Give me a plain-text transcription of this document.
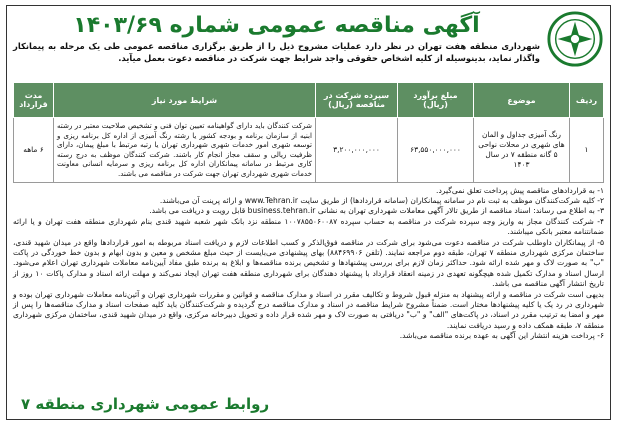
آگهی مناقصه عمومی شماره ۱۴۰۳/۶۹
شهرداری منطقه هفت تهران در نظر دارد عملیات مشروح ذیل را از طریق برگزاری مناقصه عمومی طی یک مرحله به پیمانکار واگذار نماید، بدینوسیله از کلیه اشخاص حقوقی واجد شرایط جهت شرکت در مناقصه دعوت بعمل میآید.
ردیف	موضوع	مبلغ برآورد (ریال)	سپرده شرکت در مناقصه (ریال)	شرایط مورد نیاز	مدت قرارداد
۱	رنگ آمیزی جداول و المان های شهری در محلات نواحی ۵ گانه منطقه ۷ در سال ۱۴۰۳	۶۳,۵۵۰,۰۰۰,۰۰۰	۳,۲۰۰,۰۰۰,۰۰۰	شرکت کنندگان باید دارای گواهینامه تعیین توان فنی و تشخیص صلاحیت معتبر در رشته ابنیه از سازمان برنامه و بودجه کشور یا رشته رنگ آمیزی از اداره کل برنامه ریزی و توسعه شهری امور خدمات شهری شهرداری تهران یا رتبه مرتبط با مبلغ پیمان، دارای ظرفیت ریالی و سقف مجاز انجام کار باشند. شرکت کنندگان موظف به درج رسته کاری مرتبط در سامانه پیمانکاران اداره کل برنامه ریزی و سرمایه انسانی معاونت خدمات شهری شهرداری تهران جهت شرکت در مناقصه می باشند.	۶ ماهه

۱- به قراردادهای مناقصه پیش پرداخت تعلق نمی‌گیرد.

۲- کلیه شرکت‌کنندگان موظف به ثبت نام در سامانه پیمانکاران (سامانه قراردادها) از طریق سایت www.Tehran.ir و ارائه پرینت آن می‌باشند.

۳- به اطلاع می رساند: اسناد مناقصه از طریق تالار آگهی معاملات شهرداری تهران به نشانی business.tehran.ir قابل رویت و دریافت می باشد.

۴- شرکت کنندگان مجاز به واریز وجه سپرده شرکت در مناقصه به حساب سپرده ۱۰۰۷۸۵۵۰۶۰۰۸۷ منطقه نزد بانک شهر شعبه شهید قندی بنام شهرداری منطقه هفت تهران و یا ارائه ضمانتنامه معتبر بانکی میباشند.

۵- از پیمانکاران داوطلب شرکت در مناقصه دعوت می‌شود برای شرکت در مناقصه فوق‌الذکر و کسب اطلاعات لازم و دریافت اسناد مربوطه به امور قراردادها واقع در میدان شهید قندی، ساختمان مرکزی شهرداری منطقه ۷ تهران، طبقه دوم مراجعه نمایند. (تلفن ۸۸۴۶۹۹۰۶) بهای پیشنهادی می‌بایست از حیث مبلغ مشخص و معین و بدون ابهام و بدون خط خوردگی در پاکت "ب" به صورت لاک و مهر شده ارائه شود. حداکثر زمان لازم برای بررسی پیشنهادها و تشخیص برنده مناقصه‌ها و ابلاغ به برنده طبق مفاد آیین‌نامه معاملات شهرداری تهران اعلام می‌شود. ارسال اسناد و مدارک تکمیل شده هیچگونه تعهدی در زمینه انعقاد قرارداد با پیشنهاد دهندگان برای شهرداری منطقه هفت تهران ایجاد نمی‌کند و مهلت ارائه اسناد و مدارک پاکات ۱۰ روز از تاریخ انتشار آگهی مناقصه می باشد.

بدیهی است شرکت در مناقصه و ارائه پیشنهاد به منزله قبول شروط و تکالیف مقرر در اسناد و مدارک مناقصه و قوانین و مقررات شهرداری تهران و آئین‌نامه معاملات شهرداری تهران بوده و شهرداری در رد یک یا کلیه پیشنهادها مختار است. ضمناً مشروح شرایط مناقصه در اسناد و مدارک مناقصه درج گردیده و شرکت‌کنندگان باید کلیه صفحات اسناد و مدارک مناقصه‌ها را پس از مهر و امضا به ترتیب مقرر در اسناد، در پاکت‌های "الف" و "ب" دریافتی به صورت لاک و مهر شده قرار داده و تحویل دبیرخانه مرکزی، واقع در میدان شهید قندی، ساختمان مرکزی شهرداری منطقه ۷، طبقه همکف داده و رسید دریافت نمایند.

۶- پرداخت هزینه انتشار این آگهی به عهده برنده مناقصه می‌باشد.

روابط عمومی شهرداری منطقه ۷
